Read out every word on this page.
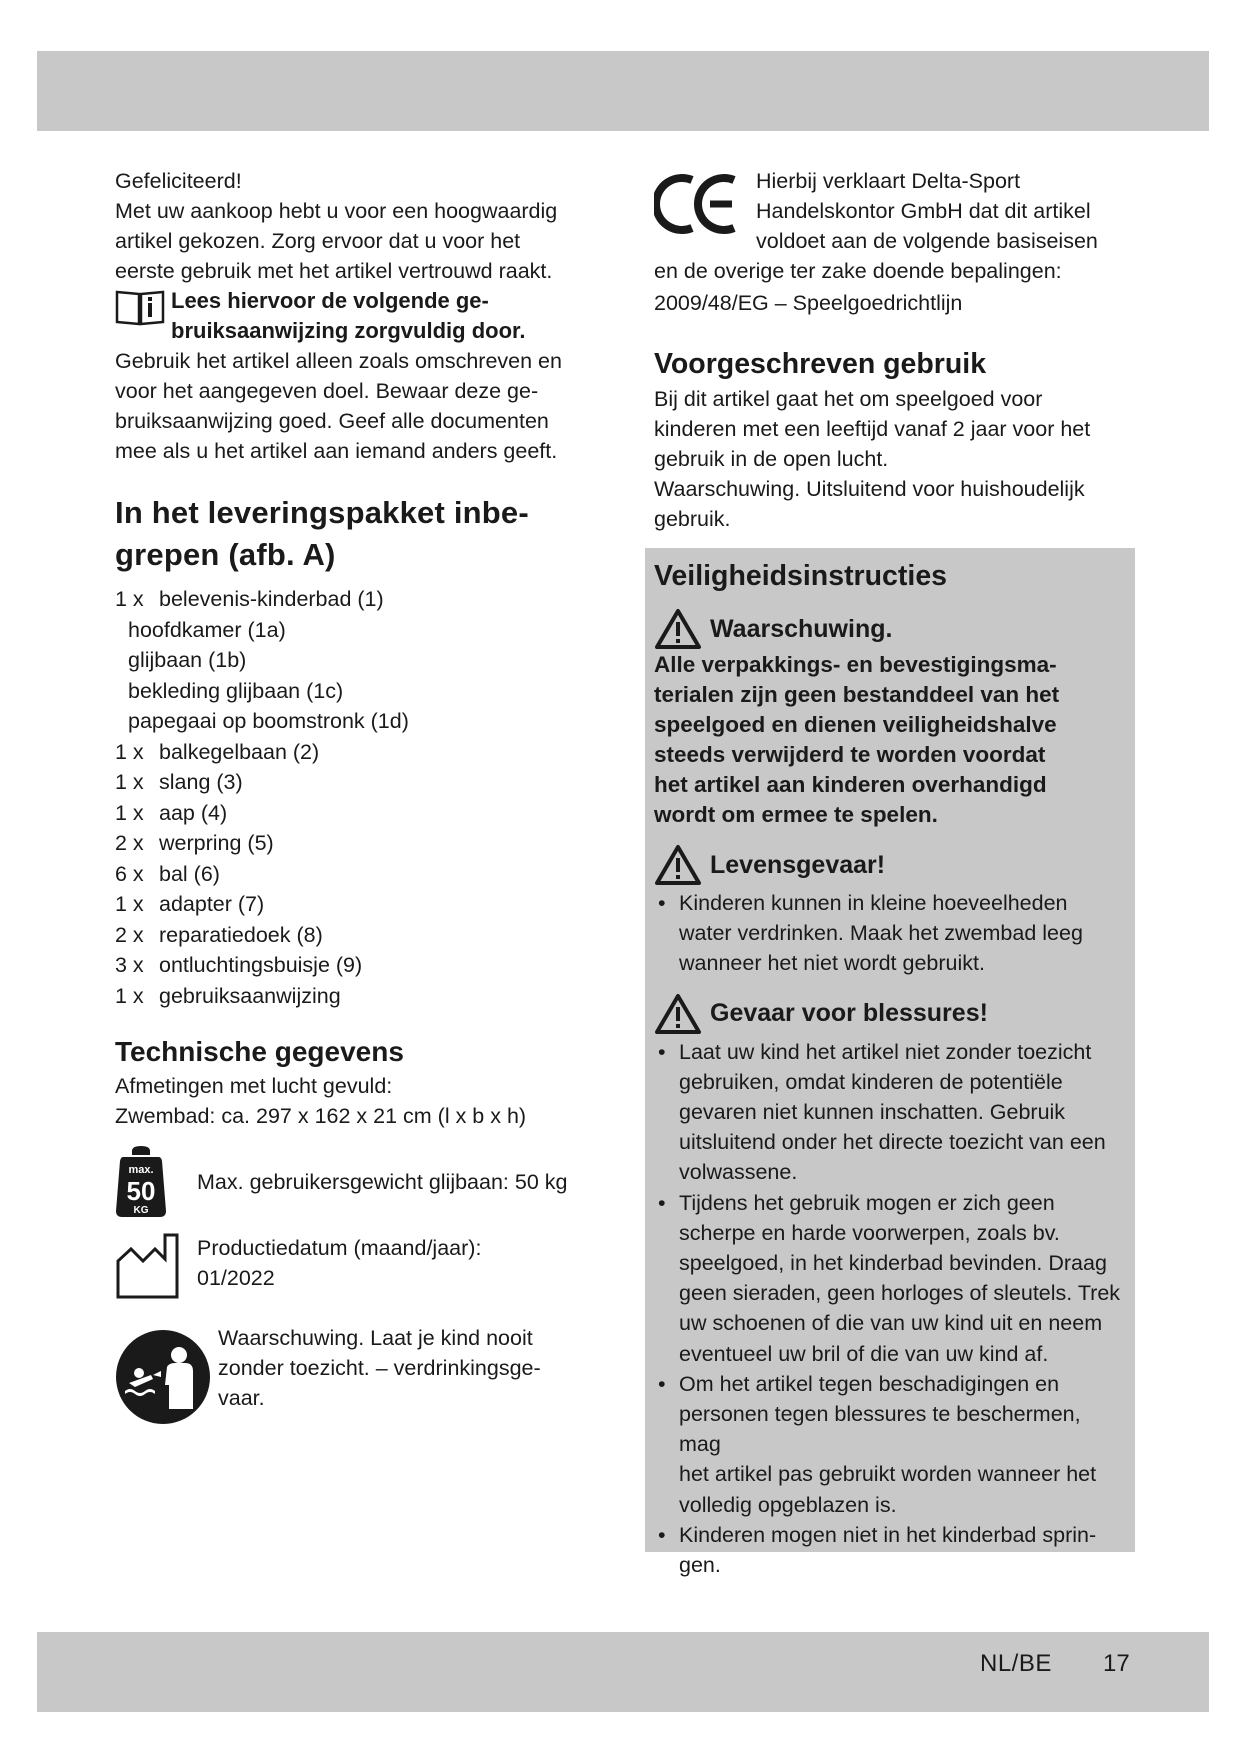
Gefeliciteerd!

Met uw aankoop hebt u voor een hoogwaardig

artikel gekozen. Zorg ervoor dat u voor het

eerste gebruik met het artikel vertrouwd raakt.

Lees hiervoor de volgende ge-

bruiksaanwijzing zorgvuldig door.

Gebruik het artikel alleen zoals omschreven en

voor het aangegeven doel. Bewaar deze ge-

bruiksaanwijzing goed. Geef alle documenten

mee als u het artikel aan iemand anders geeft.

In het leveringspakket inbe-
grepen (afb. A)
1 x belevenis-kinderbad (1)
hoofdkamer (1a)
glijbaan (1b)
bekleding glijbaan (1c)
papegaai op boomstronk (1d)
1 x balkegelbaan (2)
1 x slang (3)
1 x aap (4)
2 x werpring (5)
6 x bal (6)
1 x adapter (7)
2 x reparatiedoek (8)
3 x ontluchtingsbuisje (9)
1 x gebruiksaanwijzing
Technische gegevens

Afmetingen met lucht gevuld:

Zwembad: ca. 297 x 162 x 21 cm (l x b x h)

max.
50
KG

Max. gebruikersgewicht glijbaan: 50 kg

Productiedatum (maand/jaar):

01/2022

Waarschuwing. Laat je kind nooit

zonder toezicht. – verdrinkingsge-

vaar.

Hierbij verklaart Delta-Sport

Handelskontor GmbH dat dit artikel

voldoet aan de volgende basiseisen

en de overige ter zake doende bepalingen:

2009/48/EG – Speelgoedrichtlijn

Voorgeschreven gebruik

Bij dit artikel gaat het om speelgoed voor

kinderen met een leeftijd vanaf 2 jaar voor het

gebruik in de open lucht.

Waarschuwing. Uitsluitend voor huishoudelijk

gebruik.

Veiligheidsinstructies
Waarschuwing.

Alle verpakkings- en bevestigingsma-

terialen zijn geen bestanddeel van het

speelgoed en dienen veiligheidshalve

steeds verwijderd te worden voordat

het artikel aan kinderen overhandigd

wordt om ermee te spelen.

Levensgevaar!
• Kinderen kunnen in kleine hoeveelheden
water verdrinken. Maak het zwembad leeg
wanneer het niet wordt gebruikt.
Gevaar voor blessures!
• Laat uw kind het artikel niet zonder toezicht
gebruiken, omdat kinderen de potentiële
gevaren niet kunnen inschatten. Gebruik
uitsluitend onder het directe toezicht van een
volwassene.
• Tijdens het gebruik mogen er zich geen
scherpe en harde voorwerpen, zoals bv.
speelgoed, in het kinderbad bevinden. Draag
geen sieraden, geen horloges of sleutels. Trek
uw schoenen of die van uw kind uit en neem
eventueel uw bril of die van uw kind af.
• Om het artikel tegen beschadigingen en
personen tegen blessures te beschermen, mag
het artikel pas gebruikt worden wanneer het
volledig opgeblazen is.
• Kinderen mogen niet in het kinderbad sprin-
gen.
NL/BE 17
